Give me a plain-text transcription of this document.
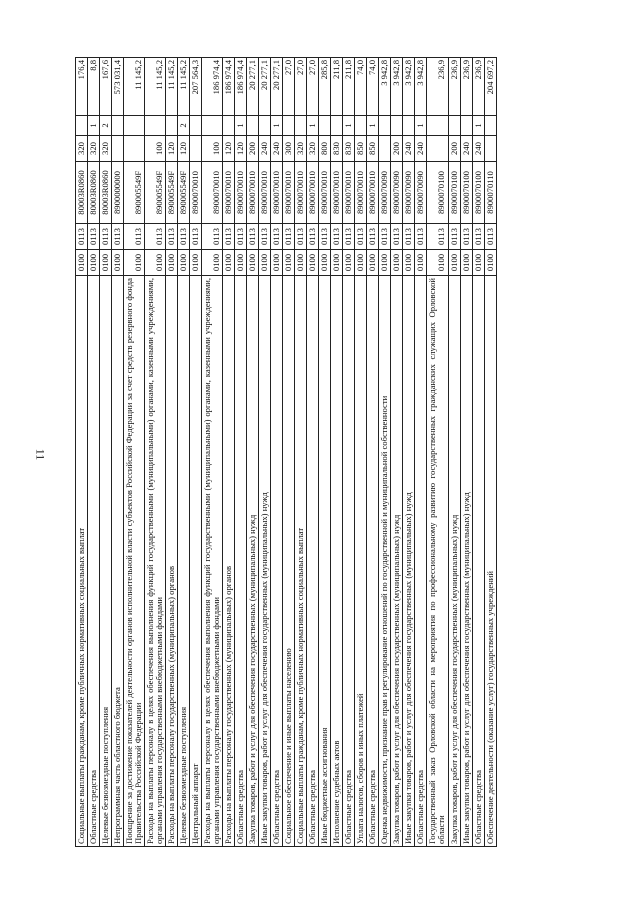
11
Социальные выплаты гражданам, кроме публичных нормативных социальных выплат	0100	0113	80003R0860	320		176,4
Областные средства	0100	0113	80003R0860	320	1	8,8
Целевые безвозмездные поступления	0100	0113	80003R0860	320	2	167,6
Непрограммная часть областного бюджета	0100	0113	8900000000			573 031,4
Поощрение за достижение показателей деятельности органов исполнительной власти субъектов Российской Федерации за счет средств резервного фонда Правительства Российской Федерации	0100	0113	890005549F			11 145,2
Расходы на выплаты персоналу в целях обеспечения выполнения функций государственными (муниципальными) органами, казенными учреждениями, органами управления государственными внебюджетными фондами	0100	0113	890005549F	100		11 145,2
Расходы на выплаты персоналу государственных (муниципальных) органов	0100	0113	890005549F	120		11 145,2
Целевые безвозмездные поступления	0100	0113	890005549F	120	2	11 145,2
Центральный аппарат	0100	0113	8900070010			207 564,3
Расходы на выплаты персоналу в целях обеспечения выполнения функций государственными (муниципальными) органами, казенными учреждениями, органами управления государственными внебюджетными фондами	0100	0113	8900070010	100		186 974,4
Расходы на выплаты персоналу государственных (муниципальных) органов	0100	0113	8900070010	120		186 974,4
Областные средства	0100	0113	8900070010	120	1	186 974,4
Закупка товаров, работ и услуг для обеспечения государственных (муниципальных) нужд	0100	0113	8900070010	200		20 277,1
Иные закупки товаров, работ и услуг для обеспечения государственных (муниципальных) нужд	0100	0113	8900070010	240		20 277,1
Областные средства	0100	0113	8900070010	240	1	20 277,1
Социальное обеспечение и иные выплаты населению	0100	0113	8900070010	300		27,0
Социальные выплаты гражданам, кроме публичных нормативных социальных выплат	0100	0113	8900070010	320		27,0
Областные средства	0100	0113	8900070010	320	1	27,0
Иные бюджетные ассигнования	0100	0113	8900070010	800		285,8
Исполнение судебных актов	0100	0113	8900070010	830		211,8
Областные средства	0100	0113	8900070010	830	1	211,8
Уплата налогов, сборов и иных платежей	0100	0113	8900070010	850		74,0
Областные средства	0100	0113	8900070010	850	1	74,0
Оценка недвижимости, признание прав и регулирование отношений по государственной и муниципальной собственности	0100	0113	8900070090			3 942,8
Закупка товаров, работ и услуг для обеспечения государственных (муниципальных) нужд	0100	0113	8900070090	200		3 942,8
Иные закупки товаров, работ и услуг для обеспечения государственных (муниципальных) нужд	0100	0113	8900070090	240		3 942,8
Областные средства	0100	0113	8900070090	240	1	3 942,8
Государственный заказ Орловской области на мероприятия по профессиональному развитию государственных гражданских служащих Орловской области	0100	0113	8900070100			236,9
Закупка товаров, работ и услуг для обеспечения государственных (муниципальных) нужд	0100	0113	8900070100	200		236,9
Иные закупки товаров, работ и услуг для обеспечения государственных (муниципальных) нужд	0100	0113	8900070100	240		236,9
Областные средства	0100	0113	8900070100	240	1	236,9
Обеспечение деятельности (оказание услуг) государственных учреждений	0100	0113	8900070110			204 697,2
